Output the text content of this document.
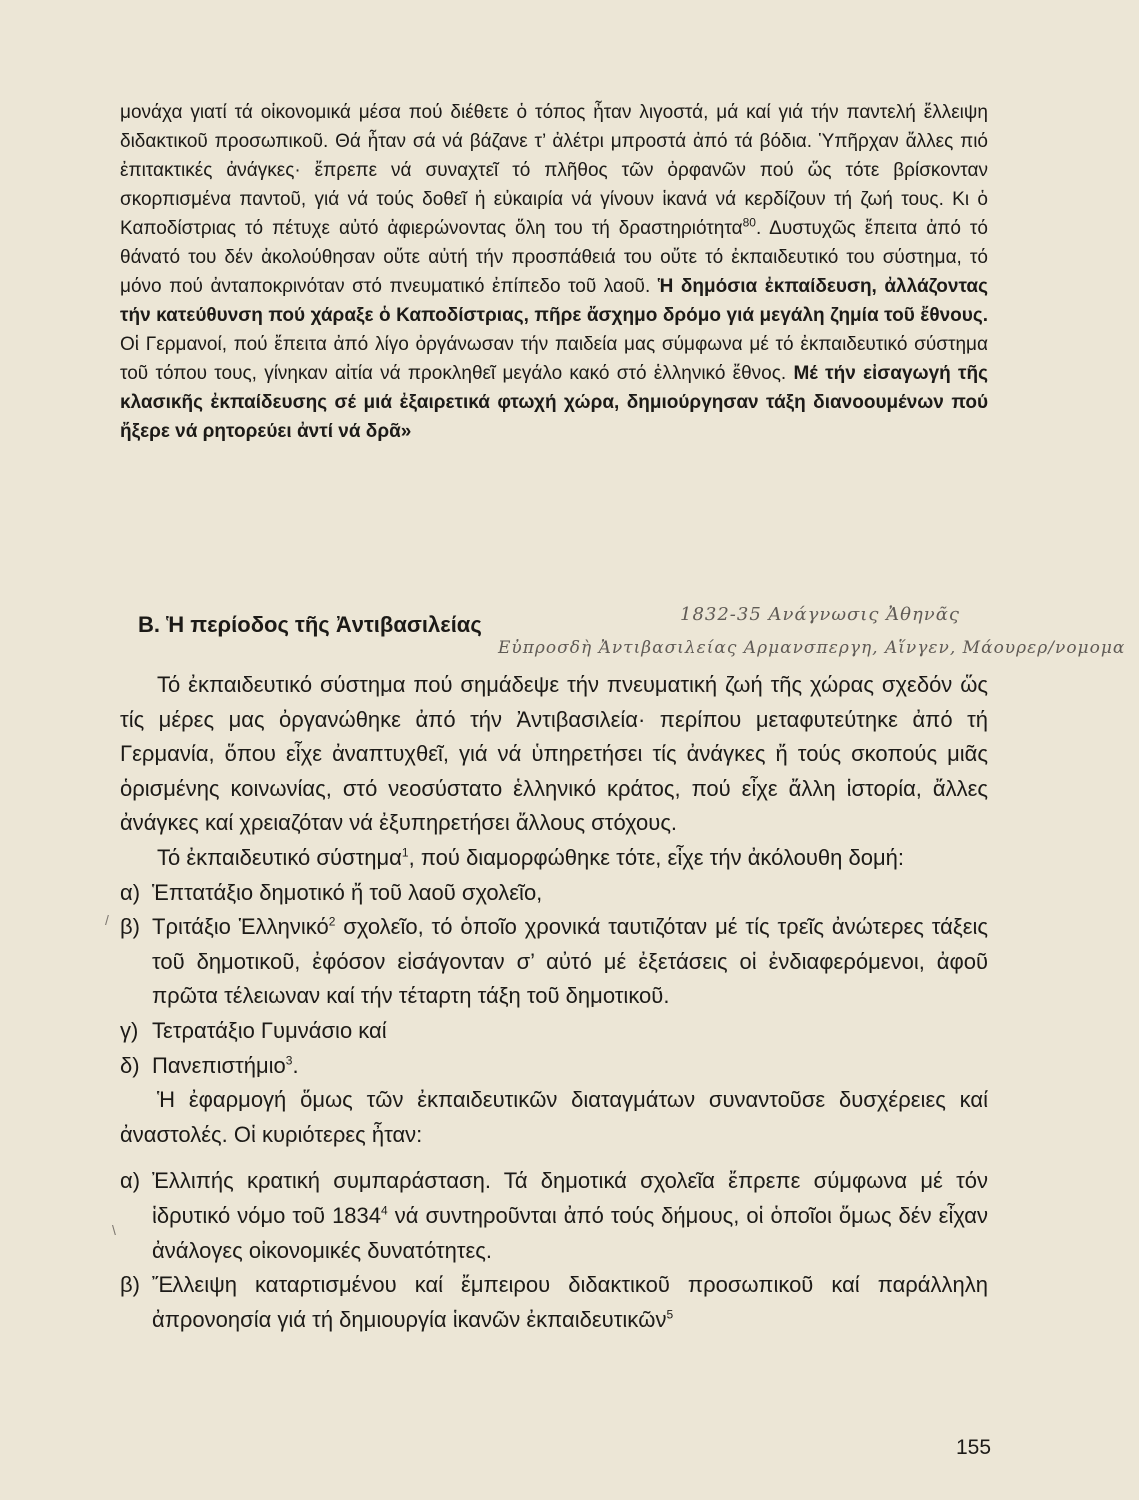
μονάχα γιατί τά οἰκονομικά μέσα πού διέθετε ὁ τόπος ἦταν λιγοστά, μά καί γιά τήν παντελή ἔλλειψη διδακτικοῦ προσωπικοῦ. Θά ἦταν σά νά βάζανε τ’ ἀλέτρι μπροστά ἀπό τά βόδια. Ὑπῆρχαν ἄλλες πιό ἐπιτακτικές ἀνάγκες· ἔπρεπε νά συναχτεῖ τό πλῆθος τῶν ὀρφανῶν πού ὥς τότε βρίσκονταν σκορπισμένα παντοῦ, γιά νά τούς δοθεῖ ἡ εὐκαιρία νά γίνουν ἱκανά νά κερδίζουν τή ζωή τους. Κι ὁ Καποδίστριας τό πέτυχε αὐτό ἀφιερώνοντας ὅλη του τή δραστηριότητα$^{80}$. Δυστυχῶς ἔπειτα ἀπό τό θάνατό του δέν ἀκολούθησαν οὔτε αὐτή τήν προσπάθειά του οὔτε τό ἐκπαιδευτικό του σύστημα, τό μόνο πού ἀνταποκρινόταν στό πνευματικό ἐπίπεδο τοῦ λαοῦ. Ἡ δημόσια ἐκπαίδευση, ἀλλάζοντας τήν κατεύθυνση πού χάραξε ὁ Καποδίστριας, πῆρε ἄσχημο δρόμο γιά μεγάλη ζημία τοῦ ἔθνους. Οἱ Γερμανοί, πού ἔπειτα ἀπό λίγο ὀργάνωσαν τήν παιδεία μας σύμφωνα μέ τό ἐκπαιδευτικό σύστημα τοῦ τόπου τους, γίνηκαν αἰτία νά προκληθεῖ μεγάλο κακό στό ἑλληνικό ἔθνος. Μέ τήν εἰσαγωγή τῆς κλασικῆς ἐκπαίδευσης σέ μιά ἐξαιρετικά φτωχή χώρα, δημιούργησαν τάξη διανοουμένων πού ἤξερε νά ρητορεύει ἀντί νά δρᾶ»
Β. Ἡ περίοδος τῆς Ἀντιβασιλείας	1832-35 Ανάγνωσις Ἀθηνᾶς
Εὐπροσδὴ Ἀντιβασιλείας Αρμανσπεργη, Αἵνγεν, Μάουρερ/νομομα

Τό ἐκπαιδευτικό σύστημα πού σημάδεψε τήν πνευματική ζωή τῆς χώρας σχεδόν ὥς τίς μέρες μας ὀργανώθηκε ἀπό τήν Ἀντιβασιλεία· περίπου μεταφυτεύτηκε ἀπό τή Γερμανία, ὅπου εἶχε ἀναπτυχθεῖ, γιά νά ὑπηρετήσει τίς ἀνάγκες ἤ τούς σκοπούς μιᾶς ὁρισμένης κοινωνίας, στό νεοσύστατο ἑλληνικό κράτος, πού εἶχε ἄλλη ἱστορία, ἄλλες ἀνάγκες καί χρειαζόταν νά ἐξυπηρετήσει ἄλλους στόχους.

Τό ἐκπαιδευτικό σύστημα$^1$, πού διαμορφώθηκε τότε, εἶχε τήν ἀκόλουθη δομή:

α) Ἑπτατάξιο δημοτικό ἤ τοῦ λαοῦ σχολεῖο,
β) Τριτάξιο Ἑλληνικό$^2$ σχολεῖο, τό ὁποῖο χρονικά ταυτιζόταν μέ τίς τρεῖς ἀνώτερες τάξεις τοῦ δημοτικοῦ, ἐφόσον εἰσάγονταν σ’ αὐτό μέ ἐξετάσεις οἱ ἐνδιαφερόμενοι, ἀφοῦ πρῶτα τέλειωναν καί τήν τέταρτη τάξη τοῦ δημοτικοῦ.
γ) Τετρατάξιο Γυμνάσιο καί
δ) Πανεπιστήμιο$^3$.

Ἡ ἐφαρμογή ὅμως τῶν ἐκπαιδευτικῶν διαταγμάτων συναντοῦσε δυσχέρειες καί ἀναστολές. Οἱ κυριότερες ἦταν:

α) Ἐλλιπής κρατική συμπαράσταση. Τά δημοτικά σχολεῖα ἔπρεπε σύμφωνα μέ τόν ἱδρυτικό νόμο τοῦ 1834$^4$ νά συντηροῦνται ἀπό τούς δήμους, οἱ ὁποῖοι ὅμως δέν εἶχαν ἀνάλογες οἰκονομικές δυνατότητες.
β) Ἔλλειψη καταρτισμένου καί ἔμπειρου διδακτικοῦ προσωπικοῦ καί παράλληλη ἀπρονοησία γιά τή δημιουργία ἱκανῶν ἐκπαιδευτικῶν$^5$
/
\
155
